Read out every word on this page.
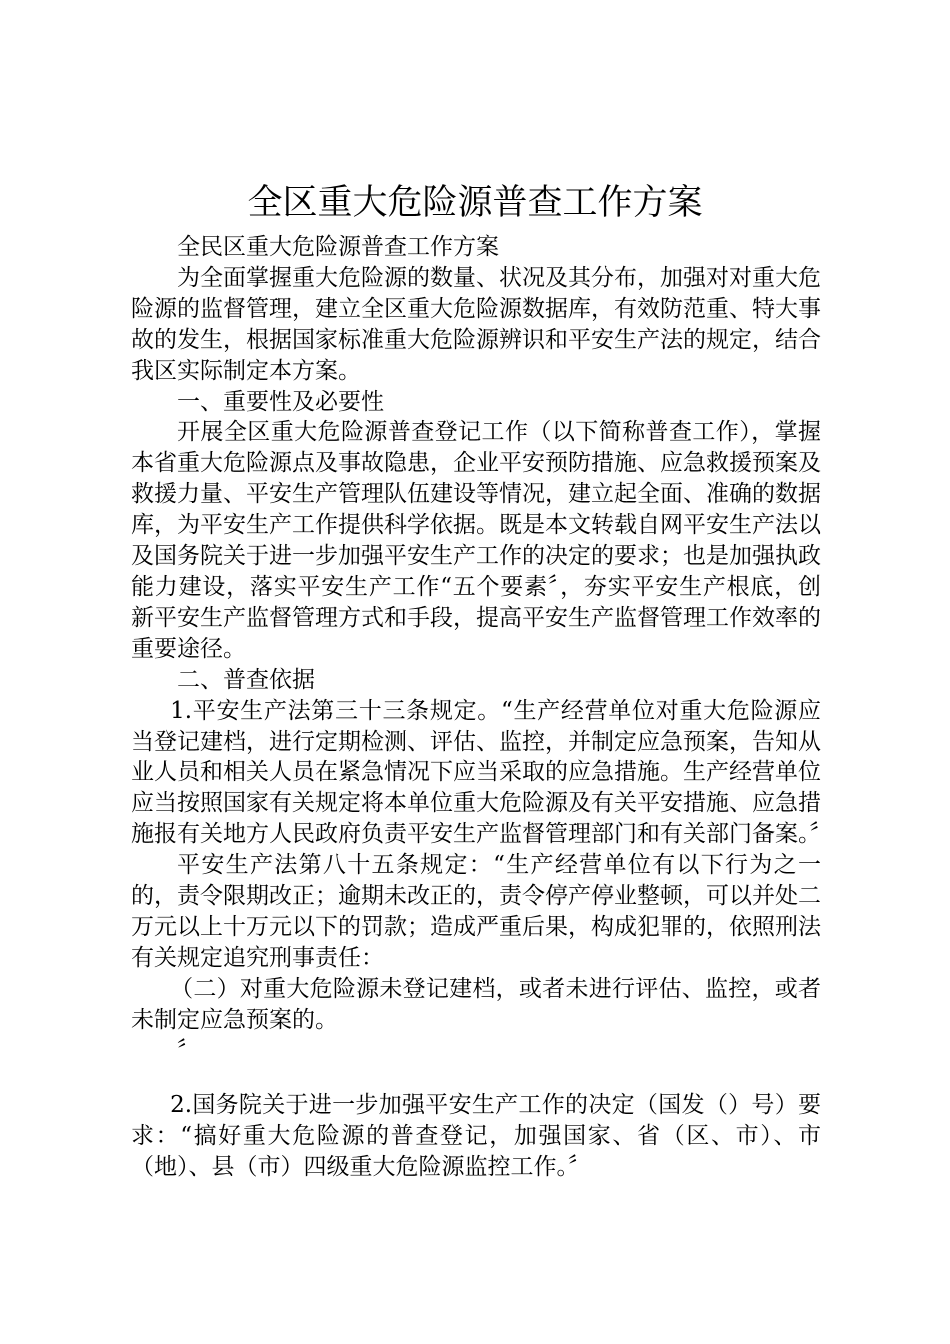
全区重大危险源普查工作方案

全民区重大危险源普查工作方案

为全面掌握重大危险源的数量、状况及其分布，加强对对重大危险源的监督管理，建立全区重大危险源数据库，有效防范重、特大事故的发生，根据国家标准重大危险源辨识和平安生产法的规定，结合我区实际制定本方案。

一、重要性及必要性

开展全区重大危险源普查登记工作（以下简称普查工作），掌握本省重大危险源点及事故隐患，企业平安预防措施、应急救援预案及救援力量、平安生产管理队伍建设等情况，建立起全面、准确的数据库，为平安生产工作提供科学依据。既是本文转载自网平安生产法以及国务院关于进一步加强平安生产工作的决定的要求；也是加强执政能力建设，落实平安生产工作“五个要素〞，夯实平安生产根底，创新平安生产监督管理方式和手段，提高平安生产监督管理工作效率的重要途径。

二、普查依据

1.平安生产法第三十三条规定。“生产经营单位对重大危险源应当登记建档，进行定期检测、评估、监控，并制定应急预案，告知从业人员和相关人员在紧急情况下应当采取的应急措施。生产经营单位应当按照国家有关规定将本单位重大危险源及有关平安措施、应急措施报有关地方人民政府负责平安生产监督管理部门和有关部门备案。〞

平安生产法第八十五条规定：“生产经营单位有以下行为之一的，责令限期改正；逾期未改正的，责令停产停业整顿，可以并处二万元以上十万元以下的罚款；造成严重后果，构成犯罪的，依照刑法有关规定追究刑事责任：

（二）对重大危险源未登记建档，或者未进行评估、监控，或者未制定应急预案的。

〞

2.国务院关于进一步加强平安生产工作的决定（国发（）号）要求：“搞好重大危险源的普查登记，加强国家、省（区、市）、市（地）、县（市）四级重大危险源监控工作。〞
